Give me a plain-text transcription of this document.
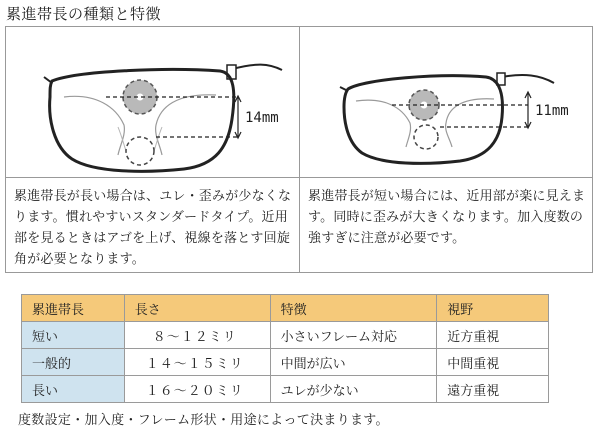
累進帯長の種類と特徴
14mm	11mm
累進帯長が長い場合は、ユレ・歪みが少なくなります。慣れやすいスタンダードタイプ。近用部を見るときはアゴを上げ、視線を落とす回旋角が必要となります。
累進帯長が短い場合には、近用部が楽に見えます。同時に歪みが大きくなります。加入度数の強すぎに注意が必要です。
累進帯長	長さ	特徴	視野
短い	８～１２ミリ	小さいフレーム対応	近方重視
一般的	１４～１５ミリ	中間が広い	中間重視
長い	１６～２０ミリ	ユレが少ない	遠方重視
度数設定・加入度・フレーム形状・用途によって決まります。
